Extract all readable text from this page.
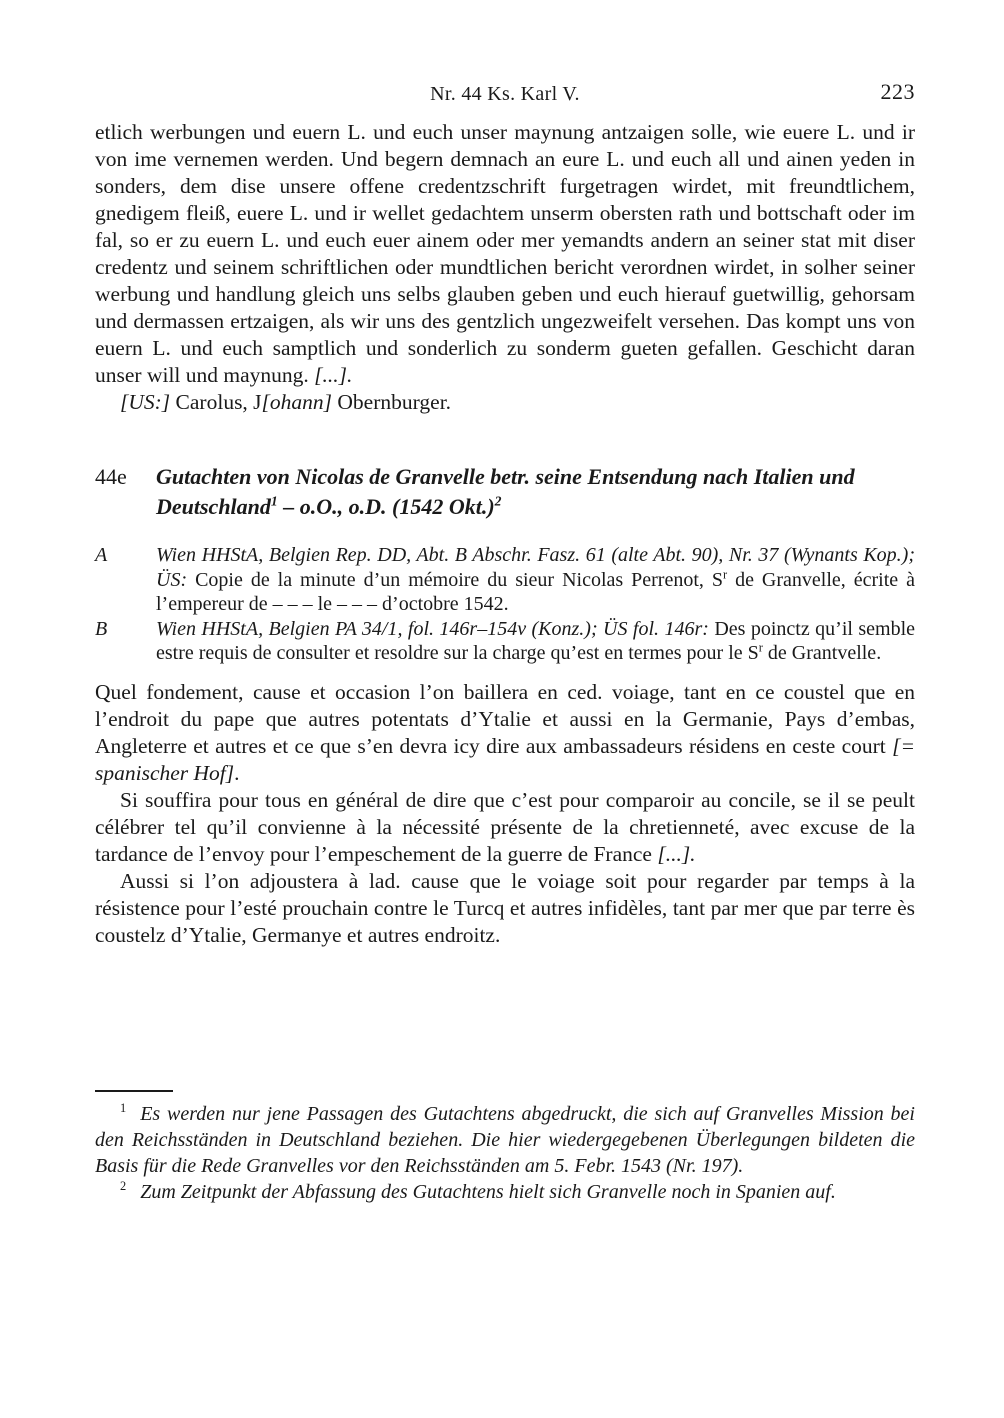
Nr. 44 Ks. Karl V.	223

etlich werbungen und euern L. und euch unser maynung antzaigen solle, wie euere L. und ir von ime vernemen werden. Und begern demnach an eure L. und euch all und ainen yeden in sonders, dem dise unsere offene credentzschrift furgetragen wirdet, mit freundtlichem, gnedigem fleiß, euere L. und ir wellet gedachtem unserm obersten rath und bottschaft oder im fal, so er zu euern L. und euch euer ainem oder mer yemandts andern an seiner stat mit diser credentz und seinem schriftlichen oder mundtlichen bericht verordnen wirdet, in solher seiner werbung und handlung gleich uns selbs glauben geben und euch hierauf guetwillig, gehorsam und dermassen ertzaigen, als wir uns des gentzlich ungezweifelt versehen. Das kompt uns von euern L. und euch samptlich und sonderlich zu sonderm gueten gefallen. Geschicht daran unser will und maynung. [...].

[US:] Carolus, J[ohann] Obernburger.

44e Gutachten von Nicolas de Granvelle betr. seine Entsendung nach Italien und Deutschland$^1$ – o.O., o.D. (1542 Okt.)$^2$
A Wien HHStA, Belgien Rep. DD, Abt. B Abschr. Fasz. 61 (alte Abt. 90), Nr. 37 (Wynants Kop.); ÜS: Copie de la minute d’un mémoire du sieur Nicolas Perrenot, $S^r$ de Granvelle, écrite à l’empereur de – – – le – – – d’octobre 1542.

B Wien HHStA, Belgien PA 34/1, fol. 146r–154v (Konz.); ÜS fol. 146r: Des poinctz qu’il semble estre requis de consulter et resoldre sur la charge qu’est en termes pour le $S^r$ de Grantvelle.

Quel fondement, cause et occasion l’on baillera en ced. voiage, tant en ce coustel que en l’endroit du pape que autres potentats d’Ytalie et aussi en la Germanie, Pays d’embas, Angleterre et autres et ce que s’en devra icy dire aux ambassadeurs résidens en ceste court [= spanischer Hof].

Si souffira pour tous en général de dire que c’est pour comparoir au concile, se il se peult célébrer tel qu’il convienne à la nécessité présente de la chretienneté, avec excuse de la tardance de l’envoy pour l’empeschement de la guerre de France [...].

Aussi si l’on adjoustera à lad. cause que le voiage soit pour regarder par temps à la résistence pour l’esté prouchain contre le Turcq et autres infidèles, tant par mer que par terre ès coustelz d’Ytalie, Germanye et autres endroitz.

$^1$ Es werden nur jene Passagen des Gutachtens abgedruckt, die sich auf Granvelles Mission bei den Reichsständen in Deutschland beziehen. Die hier wiedergegebenen Überlegungen bildeten die Basis für die Rede Granvelles vor den Reichsständen am 5. Febr. 1543 (Nr. 197).

$^2$ Zum Zeitpunkt der Abfassung des Gutachtens hielt sich Granvelle noch in Spanien auf.
